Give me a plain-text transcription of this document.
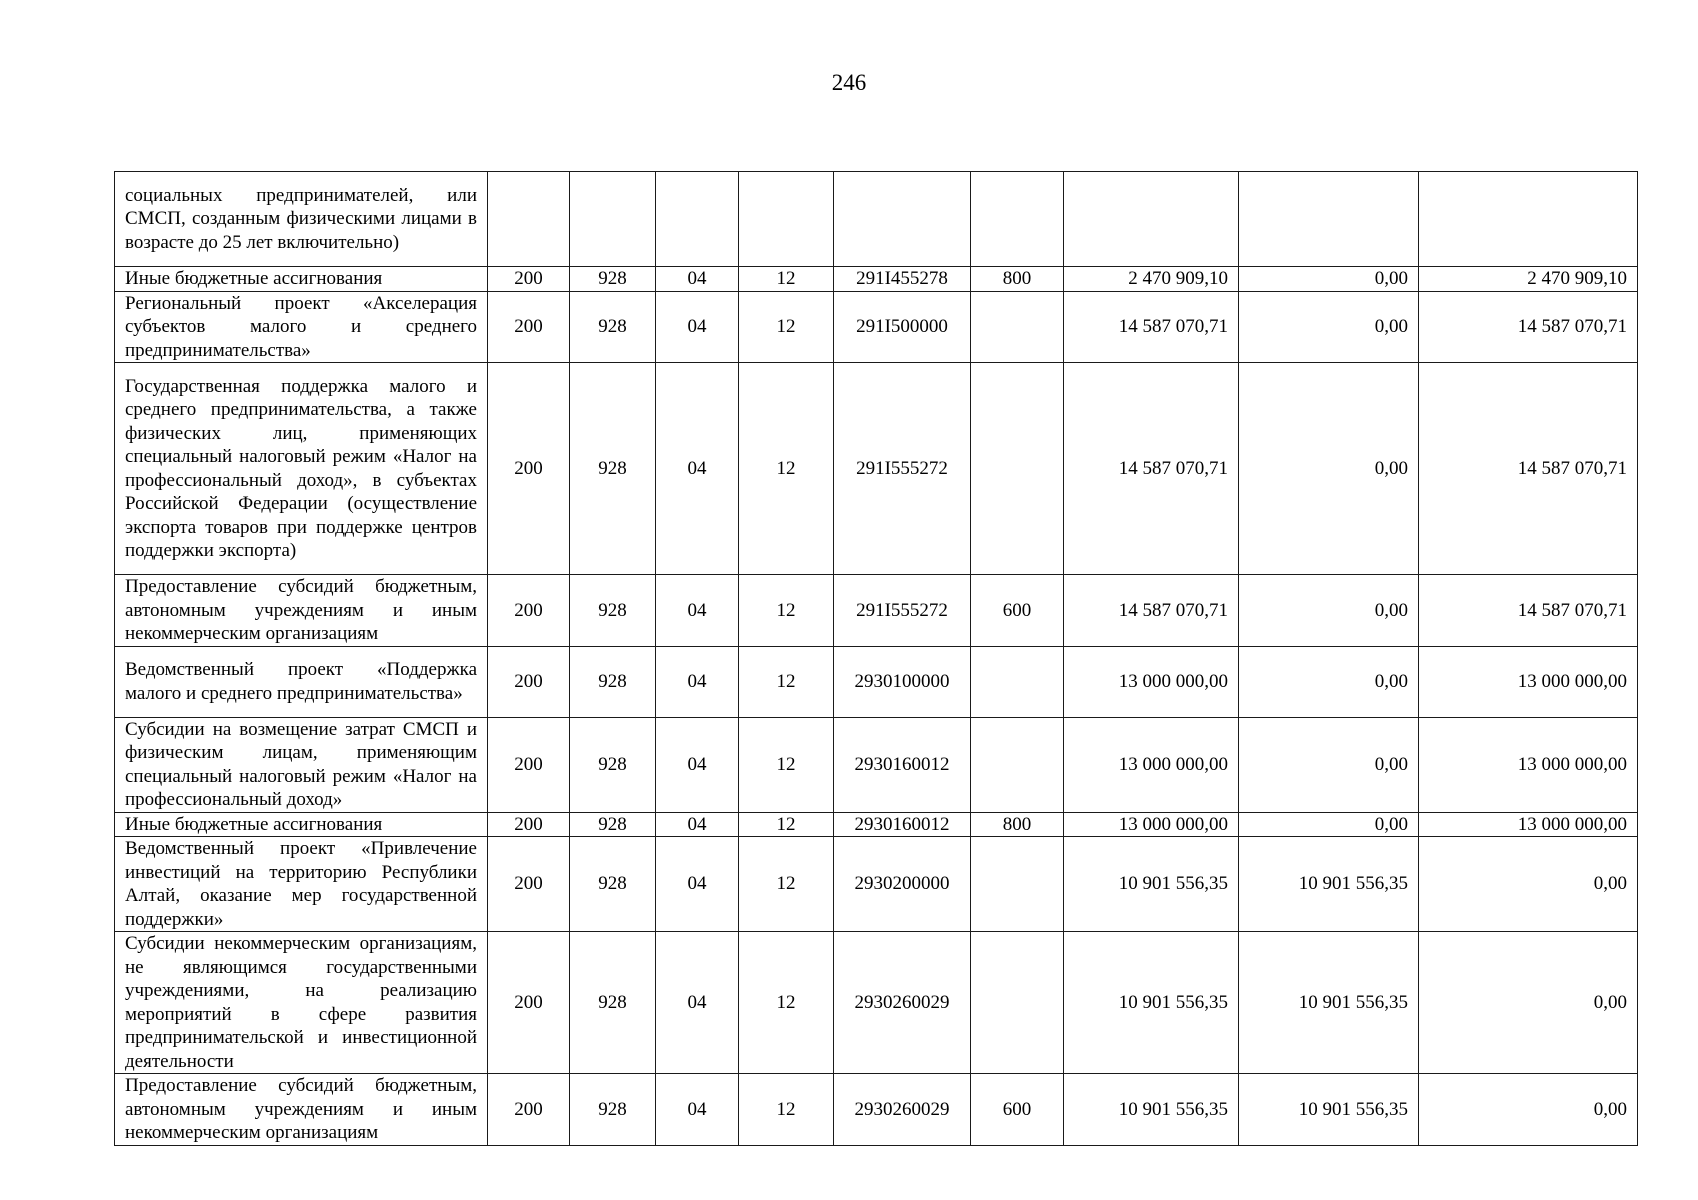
246
социальных предпринимателей, или СМСП, созданным физическими лицами в возрасте до 25 лет включительно)									
Иные бюджетные ассигнования	200	928	04	12	291I455278	800	2 470 909,10	0,00	2 470 909,10
Региональный проект «Акселерация субъектов малого и среднего предпринимательства»	200	928	04	12	291I500000		14 587 070,71	0,00	14 587 070,71
Государственная поддержка малого и среднего предпринимательства, а также физических лиц, применяющих специальный налоговый режим «Налог на профессиональный доход», в субъектах Российской Федерации (осуществление экспорта товаров при поддержке центров поддержки экспорта)	200	928	04	12	291I555272		14 587 070,71	0,00	14 587 070,71
Предоставление субсидий бюджетным, автономным учреждениям и иным некоммерческим организациям	200	928	04	12	291I555272	600	14 587 070,71	0,00	14 587 070,71
Ведомственный проект «Поддержка малого и среднего предпринимательства»	200	928	04	12	2930100000		13 000 000,00	0,00	13 000 000,00
Субсидии на возмещение затрат СМСП и физическим лицам, применяющим специальный налоговый режим «Налог на профессиональный доход»	200	928	04	12	2930160012		13 000 000,00	0,00	13 000 000,00
Иные бюджетные ассигнования	200	928	04	12	2930160012	800	13 000 000,00	0,00	13 000 000,00
Ведомственный проект «Привлечение инвестиций на территорию Республики Алтай, оказание мер государственной поддержки»	200	928	04	12	2930200000		10 901 556,35	10 901 556,35	0,00
Субсидии некоммерческим организациям, не являющимся государственными учреждениями, на реализацию мероприятий в сфере развития предпринимательской и инвестиционной деятельности	200	928	04	12	2930260029		10 901 556,35	10 901 556,35	0,00
Предоставление субсидий бюджетным, автономным учреждениям и иным некоммерческим организациям	200	928	04	12	2930260029	600	10 901 556,35	10 901 556,35	0,00
